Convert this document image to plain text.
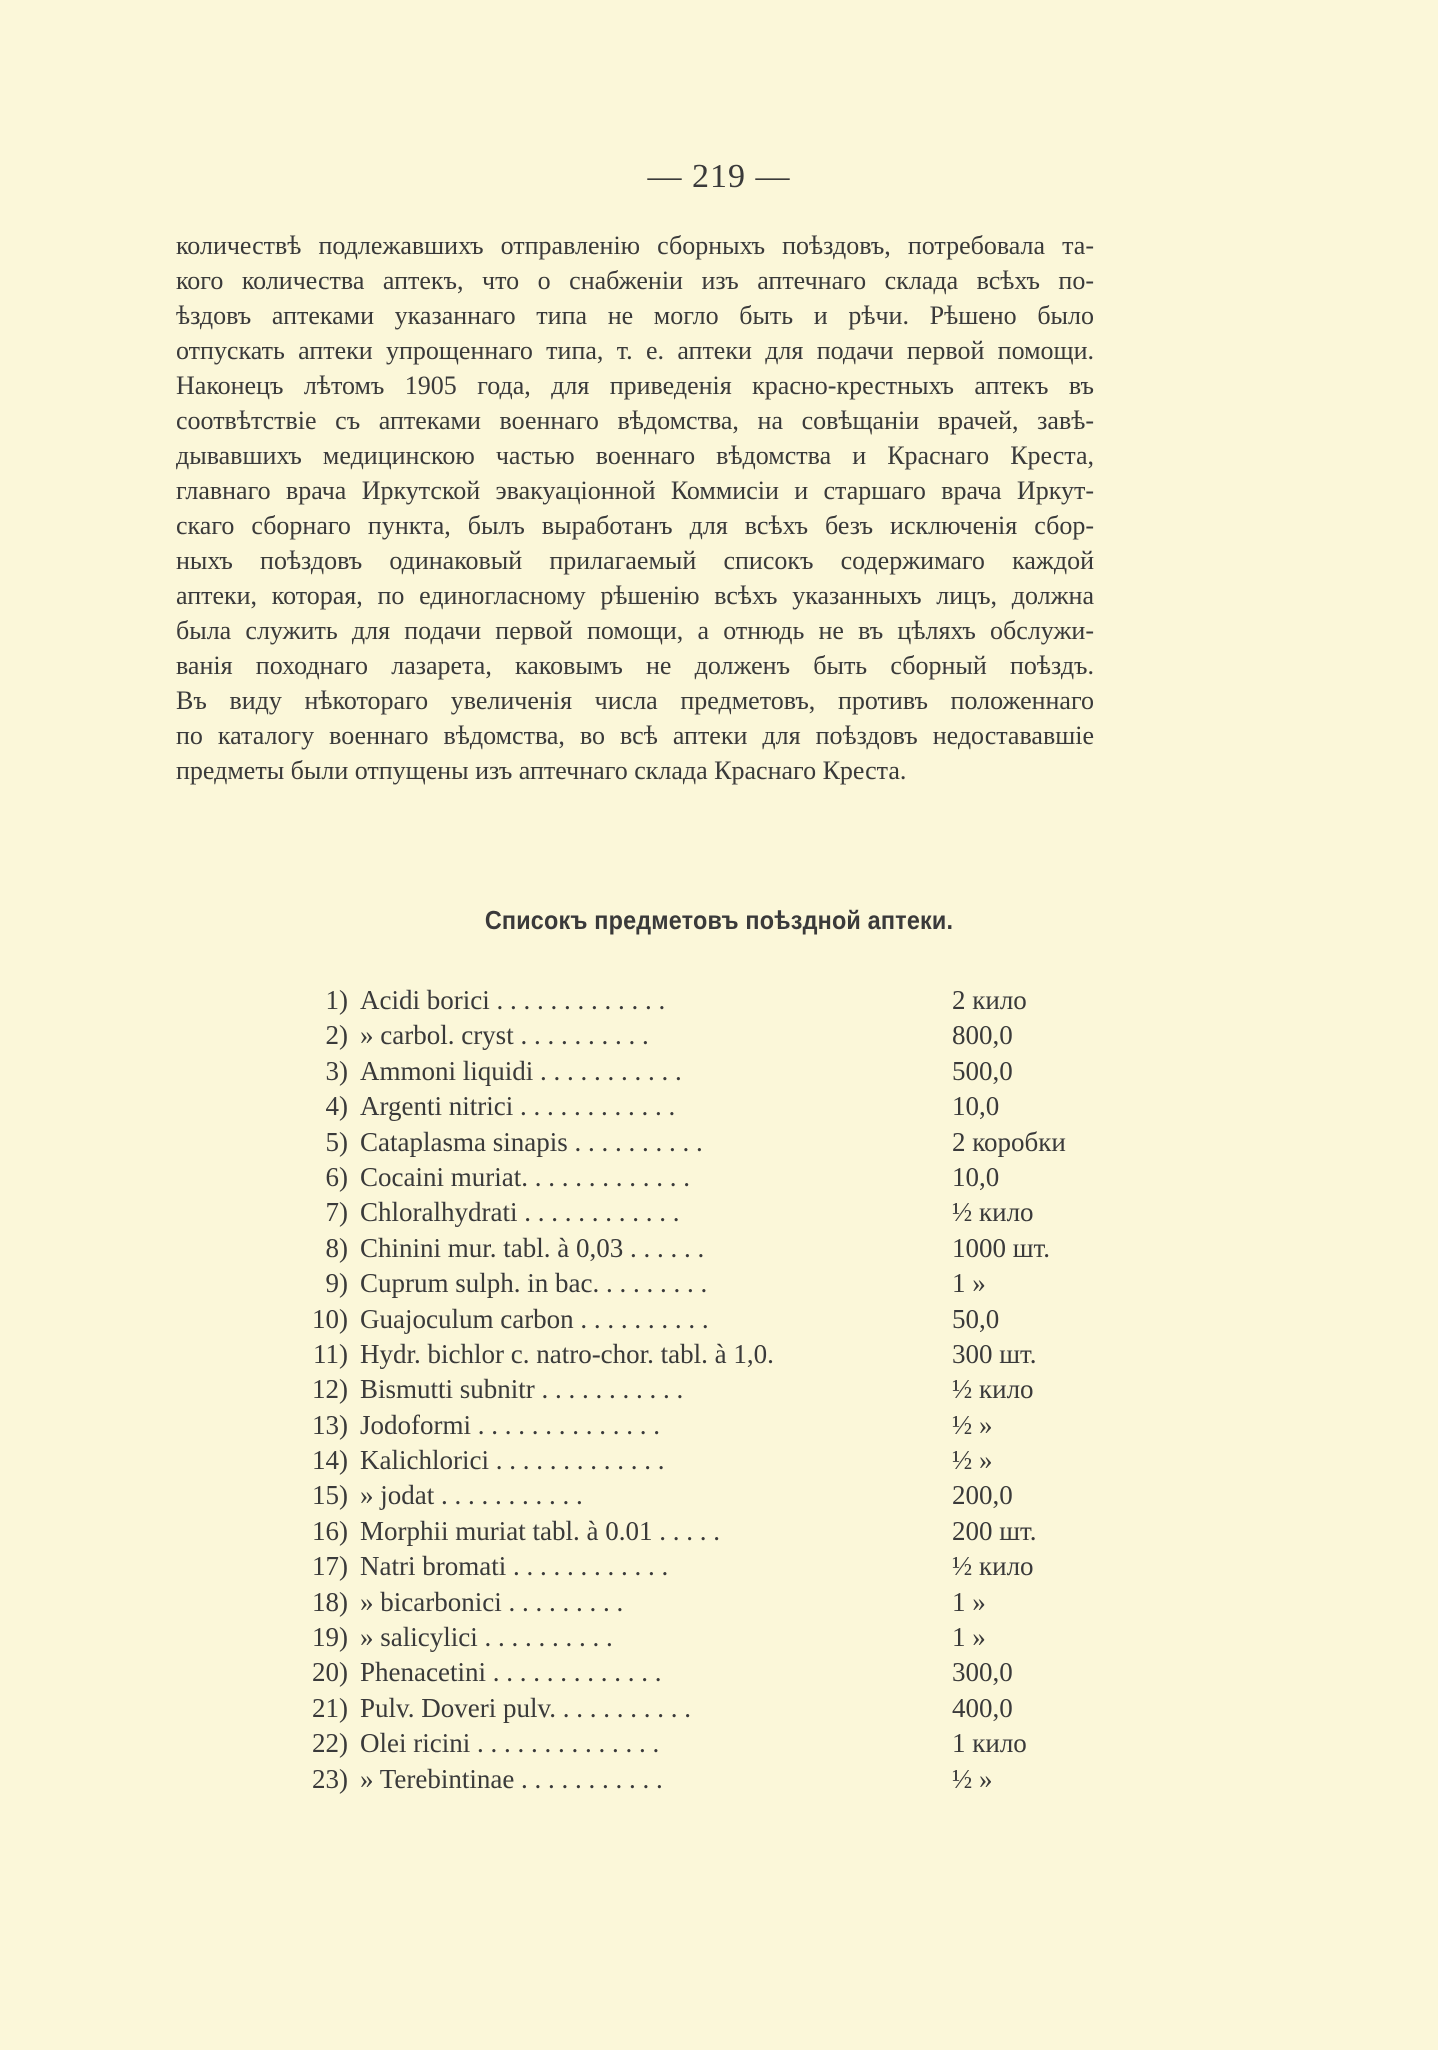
— 219 —
количествѣ подлежавшихъ отправленію сборныхъ поѣздовъ, потребовала та-
кого количества аптекъ, что о снабженіи изъ аптечнаго склада всѣхъ по-
ѣздовъ аптеками указаннаго типа не могло быть и рѣчи. Рѣшено было
отпускать аптеки упрощеннаго типа, т. е. аптеки для подачи первой помощи.
Наконецъ лѣтомъ 1905 года, для приведенія красно-крестныхъ аптекъ въ
соотвѣтствіе съ аптеками военнаго вѣдомства, на совѣщаніи врачей, завѣ-
дывавшихъ медицинскою частью военнаго вѣдомства и Краснаго Креста,
главнаго врача Иркутской эвакуаціонной Коммисіи и старшаго врача Иркут-
скаго сборнаго пункта, былъ выработанъ для всѣхъ безъ исключенія сбор-
ныхъ поѣздовъ одинаковый прилагаемый списокъ содержимаго каждой
аптеки, которая, по единогласному рѣшенію всѣхъ указанныхъ лицъ, должна
была служить для подачи первой помощи, а отнюдь не въ цѣляхъ обслужи-
ванія походнаго лазарета, каковымъ не долженъ быть сборный поѣздъ.
Въ виду нѣкотораго увеличенія числа предметовъ, противъ положеннаго
по каталогу военнаго вѣдомства, во всѣ аптеки для поѣздовъ недостававшіе
предметы были отпущены изъ аптечнаго склада Краснаго Креста.
Списокъ предметовъ поѣздной аптеки.
1) Acidi borici . . . . . . . . . . . . .	2 кило
2) » carbol. cryst . . . . . . . . . .	800,0
3) Ammoni liquidi . . . . . . . . . . .	500,0
4) Argenti nitrici . . . . . . . . . . . .	10,0
5) Cataplasma sinapis . . . . . . . . . .	2 коробки
6) Cocaini muriat. . . . . . . . . . . . .	10,0
7) Chloralhydrati . . . . . . . . . . . .	½ кило
8) Chinini mur. tabl. à 0,03 . . . . . .	1000 шт.
9) Cuprum sulph. in bac. . . . . . . . .	1 »
10) Guajoculum carbon . . . . . . . . . .	50,0
11) Hydr. bichlor c. natro-chor. tabl. à 1,0.	300 шт.
12) Bismutti subnitr . . . . . . . . . . .	½ кило
13) Jodoformi . . . . . . . . . . . . . .	½ »
14) Kalichlorici . . . . . . . . . . . . .	½ »
15) » jodat . . . . . . . . . . .	200,0
16) Morphii muriat tabl. à 0.01 . . . . .	200 шт.
17) Natri bromati . . . . . . . . . . . .	½ кило
18) » bicarbonici . . . . . . . . .	1 »
19) » salicylici . . . . . . . . . .	1 »
20) Phenacetini . . . . . . . . . . . . .	300,0
21) Pulv. Doveri pulv. . . . . . . . . . .	400,0
22) Olei ricini . . . . . . . . . . . . . .	1 кило
23) » Terebintinae . . . . . . . . . . .	½ »
